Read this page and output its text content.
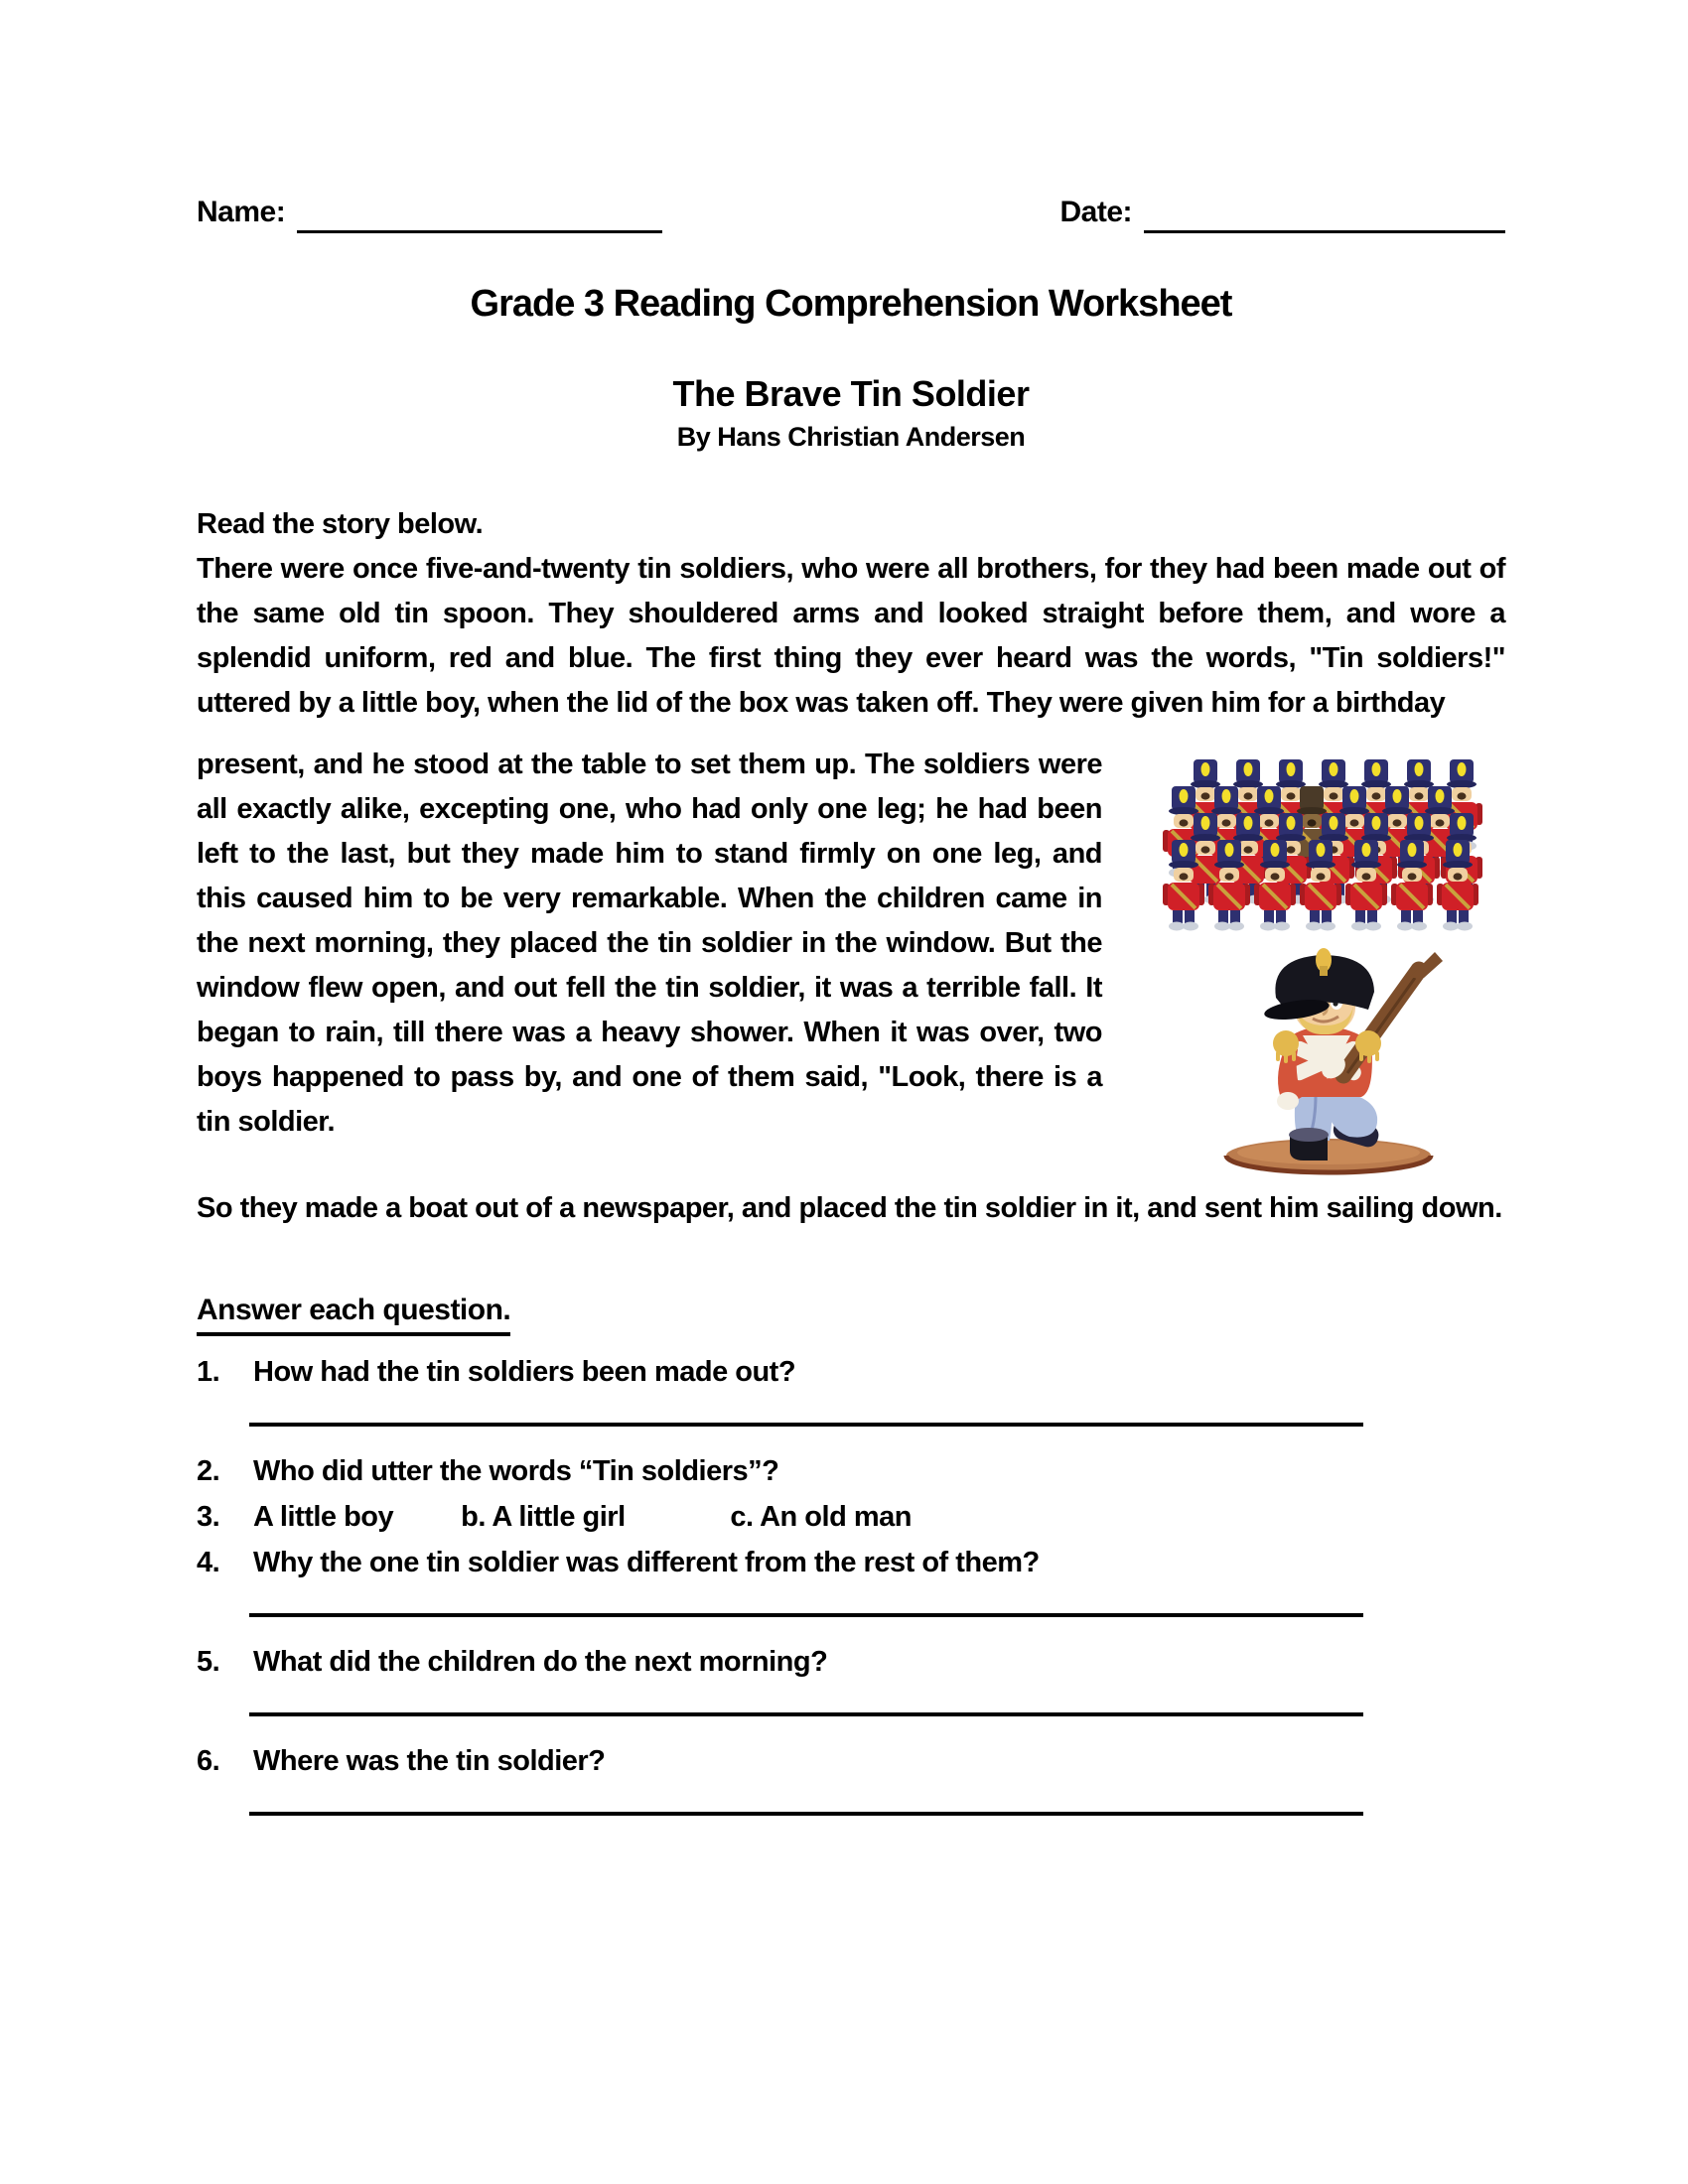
Name:	Date:
Grade 3 Reading Comprehension Worksheet
The Brave Tin Soldier
By Hans Christian Andersen
Read the story below.

There were once five-and-twenty tin soldiers, who were all brothers, for they had been made out of the same old tin spoon. They shouldered arms and looked straight before them, and wore a splendid uniform, red and blue. The first thing they ever heard was the words, "Tin soldiers!" uttered by a little boy, when the lid of the box was taken off. They were given him for a birthday

present, and he stood at the table to set them up. The soldiers were all exactly alike, excepting one, who had only one leg; he had been left to the last, but they made him to stand firmly on one leg, and this caused him to be very remarkable. When the children came in the next morning, they placed the tin soldier in the window. But the window flew open, and out fell the tin soldier, it was a terrible fall. It began to rain, till there was a heavy shower. When it was over, two boys happened to pass by, and one of them said, "Look, there is a tin soldier.

So they made a boat out of a newspaper, and placed the tin soldier in it, and sent him sailing down.

Answer each question.
1.	How had the tin soldiers been made out?
2.	Who did utter the words “Tin soldiers”?
3.	A little boy         b. A little girl              c. An old man
4.	Why the one tin soldier was different from the rest of them?
5.	What did the children do the next morning?
6.	Where was the tin soldier?
